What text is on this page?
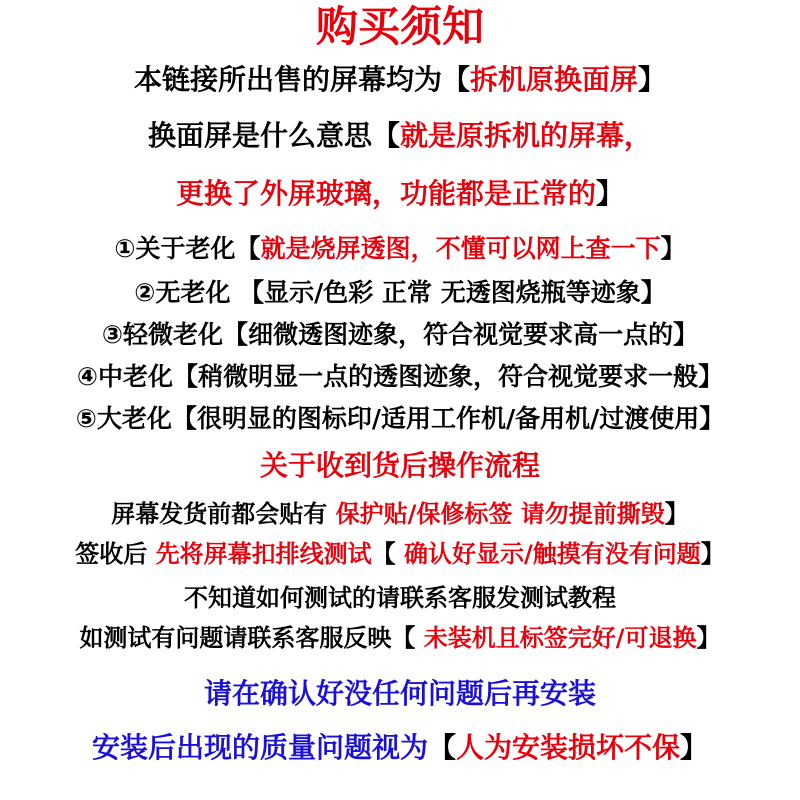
购买须知
本链接所出售的屏幕均为【拆机原换面屏】
换面屏是什么意思【就是原拆机的屏幕，
更换了外屏玻璃，功能都是正常的】
①关于老化【就是烧屏透图，不懂可以网上查一下】
②无老化 【显示/色彩 正常 无透图烧瓶等迹象】
③轻微老化【细微透图迹象，符合视觉要求高一点的】
④中老化【稍微明显一点的透图迹象，符合视觉要求一般】
⑤大老化【很明显的图标印/适用工作机/备用机/过渡使用】
关于收到货后操作流程
屏幕发货前都会贴有 保护贴/保修标签 请勿提前撕毁】
签收后 先将屏幕扣排线测试【 确认好显示/触摸有没有问题】
不知道如何测试的请联系客服发测试教程
如测试有问题请联系客服反映【 未装机且标签完好/可退换】
请在确认好没任何问题后再安装
安装后出现的质量问题视为【人为安装损坏不保】
